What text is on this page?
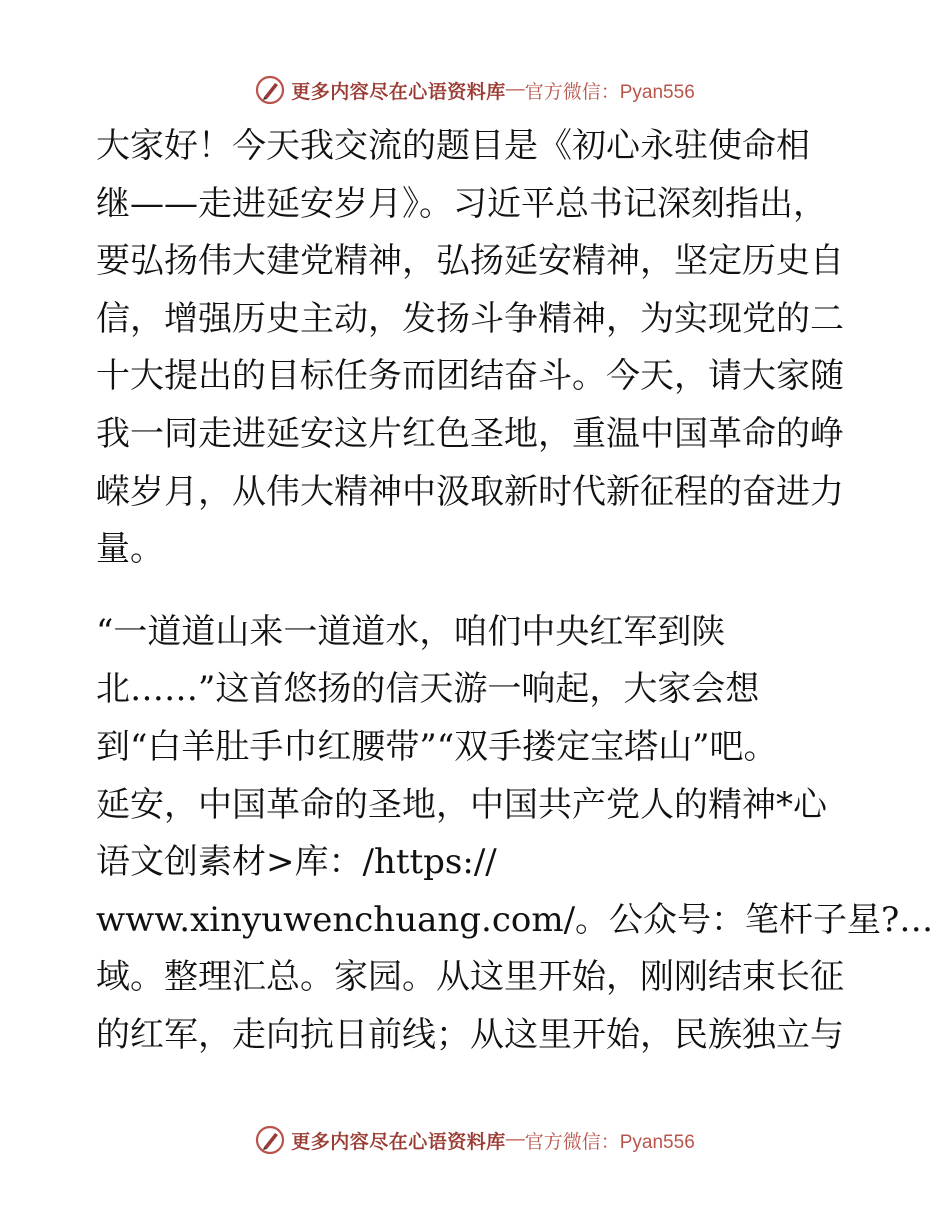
更多内容尽在心语资料库 — 官方微信：Pyan556

大家好！今天我交流的题目是《初心永驻使命相
继——走进延安岁月》。习近平总书记深刻指出，
要弘扬伟大建党精神，弘扬延安精神，坚定历史自
信，增强历史主动，发扬斗争精神，为实现党的二
十大提出的目标任务而团结奋斗。今天，请大家随
我一同走进延安这片红色圣地，重温中国革命的峥
嵘岁月，从伟大精神中汲取新时代新征程的奋进力
量。

“一道道山来一道道水，咱们中央红军到陕
北……”这首悠扬的信天游一响起，大家会想
到“白羊肚手巾红腰带”“双手搂定宝塔山”吧。
延安，中国革命的圣地，中国共产党人的精神*心
语文创素材>库：/https://
www.xinyuwenchuang.com/。公众号：笔杆子星?…
域。整理汇总。家园。从这里开始，刚刚结束长征
的红军，走向抗日前线；从这里开始，民族独立与

更多内容尽在心语资料库 — 官方微信：Pyan556
